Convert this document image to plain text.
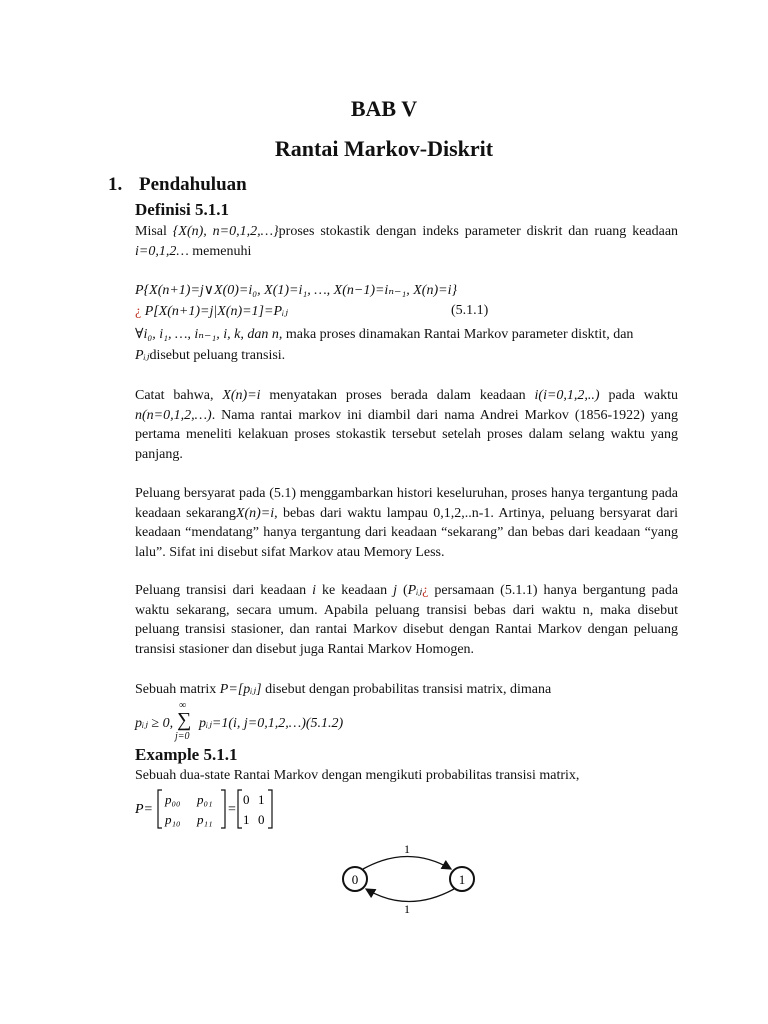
BAB V
Rantai Markov-Diskrit
1. Pendahuluan
Definisi 5.1.1
Misal {X(n), n=0,1,2,…}proses stokastik dengan indeks parameter diskrit dan ruang keadaan i=0,1,2… memenuhi
P{X(n+1)=j∨X(0)=i₀, X(1)=i₁, …, X(n−1)=iₙ₋₁, X(n)=i}
¿ P[X(n+1)=j|X(n)=1]=Pᵢⱼ	(5.1.1)
∀i₀, i₁, …, iₙ₋₁, i, k, dan n, maka proses dinamakan Rantai Markov parameter disktit, dan
Pᵢⱼdisebut peluang transisi.
Catat bahwa, X(n)=i menyatakan proses berada dalam keadaan i(i=0,1,2,..) pada waktu n(n=0,1,2,…). Nama rantai markov ini diambil dari nama Andrei Markov (1856-1922) yang pertama meneliti kelakuan proses stokastik tersebut setelah proses dalam selang waktu yang panjang.
Peluang bersyarat pada (5.1) menggambarkan histori keseluruhan, proses hanya tergantung pada keadaan sekarangX(n)=i, bebas dari waktu lampau 0,1,2,..n-1. Artinya, peluang bersyarat dari keadaan “mendatang” hanya tergantung dari keadaan “sekarang” dan bebas dari keadaan “yang lalu”. Sifat ini disebut sifat Markov atau Memory Less.
Peluang transisi dari keadaan i ke keadaan j (Pᵢⱼ¿ persamaan (5.1.1) hanya bergantung pada waktu sekarang, secara umum. Apabila peluang transisi bebas dari waktu n, maka disebut peluang transisi stasioner, dan rantai Markov disebut dengan Rantai Markov dengan peluang transisi stasioner dan disebut juga Rantai Markov Homogen.
Sebuah matrix P=[pᵢⱼ] disebut dengan probabilitas transisi matrix, dimana
pᵢⱼ ≥ 0,
∞
∑
j=0
pᵢⱼ=1(i, j=0,1,2,…)(5.1.2)
Example 5.1.1
Sebuah dua-state Rantai Markov dengan mengikuti probabilitas transisi matrix,
P=
p₀₀ p₀₁
p₁₀ p₁₁
=
0 1
1 0
0	1
1
1
